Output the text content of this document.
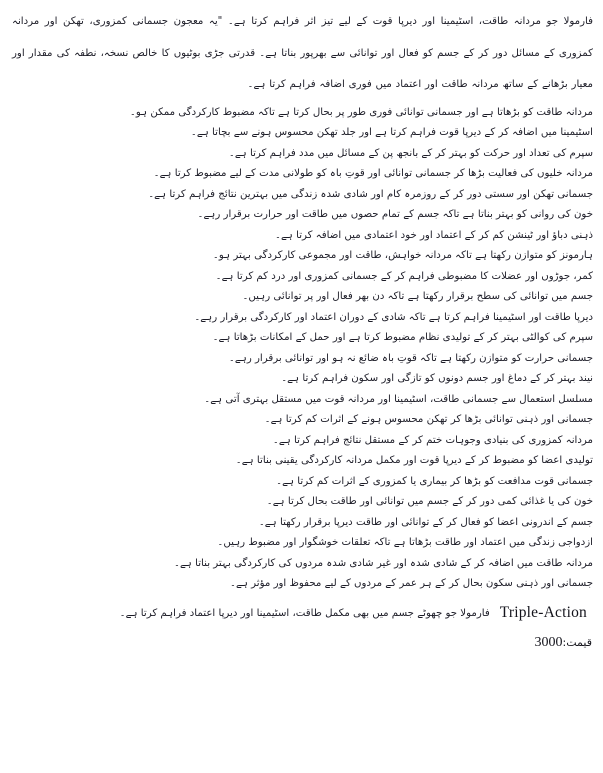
فارمولا جو مردانہ طاقت، اسٹیمینا اور دیرپا قوت کے لیے تیز اثر فراہم کرتا ہے۔ "یہ معجون جسمانی کمزوری، تھکن اور مردانہ کمزوری کے مسائل دور کر کے جسم کو فعال اور توانائی سے بھرپور بناتا ہے۔ قدرتی جڑی بوٹیوں کا خالص نسخہ، نطفہ کی مقدار اور معیار بڑھانے کے ساتھ مردانہ طاقت اور اعتماد میں فوری اضافہ فراہم کرتا ہے۔

مردانہ طاقت کو بڑھاتا ہے اور جسمانی توانائی فوری طور پر بحال کرتا ہے تاکہ مضبوط کارکردگی ممکن ہو۔
اسٹیمینا میں اضافہ کر کے دیرپا قوت فراہم کرتا ہے اور جلد تھکن محسوس ہونے سے بچاتا ہے۔
سپرم کی تعداد اور حرکت کو بہتر کر کے بانجھ پن کے مسائل میں مدد فراہم کرتا ہے۔
مردانہ خلیوں کی فعالیت بڑھا کر جسمانی توانائی اور قوتِ باہ کو طولانی مدت کے لیے مضبوط کرتا ہے۔
جسمانی تھکن اور سستی دور کر کے روزمرہ کام اور شادی شدہ زندگی میں بہترین نتائج فراہم کرتا ہے۔
خون کی روانی کو بہتر بناتا ہے تاکہ جسم کے تمام حصوں میں طاقت اور حرارت برقرار رہے۔
ذہنی دباؤ اور ٹینشن کم کر کے اعتماد اور خود اعتمادی میں اضافہ کرتا ہے۔
ہارمونز کو متوازن رکھتا ہے تاکہ مردانہ خواہش، طاقت اور مجموعی کارکردگی بہتر ہو۔
کمر، جوڑوں اور عضلات کا مضبوطی فراہم کر کے جسمانی کمزوری اور درد کم کرتا ہے۔
جسم میں توانائی کی سطح برقرار رکھتا ہے تاکہ دن بھر فعال اور پر توانائی رہیں۔
دیرپا طاقت اور اسٹیمینا فراہم کرتا ہے تاکہ شادی کے دوران اعتماد اور کارکردگی برقرار رہے۔
سپرم کی کوالٹی بہتر کر کے تولیدی نظام مضبوط کرتا ہے اور حمل کے امکانات بڑھاتا ہے۔
جسمانی حرارت کو متوازن رکھتا ہے تاکہ قوتِ باہ ضائع نہ ہو اور توانائی برقرار رہے۔
نیند بہتر کر کے دماغ اور جسم دونوں کو تازگی اور سکون فراہم کرتا ہے۔
مسلسل استعمال سے جسمانی طاقت، اسٹیمینا اور مردانہ قوت میں مستقل بہتری آتی ہے۔
جسمانی اور ذہنی توانائی بڑھا کر تھکن محسوس ہونے کے اثرات کم کرتا ہے۔
مردانہ کمزوری کی بنیادی وجوہات ختم کر کے مستقل نتائج فراہم کرتا ہے۔
تولیدی اعضا کو مضبوط کر کے دیرپا قوت اور مکمل مردانہ کارکردگی یقینی بناتا ہے۔
جسمانی قوت مدافعت کو بڑھا کر بیماری یا کمزوری کے اثرات کم کرتا ہے۔
خون کی یا غذائی کمی دور کر کے جسم میں توانائی اور طاقت بحال کرتا ہے۔
جسم کے اندرونی اعضا کو فعال کر کے توانائی اور طاقت دیرپا برقرار رکھتا ہے۔
ازدواجی زندگی میں اعتماد اور طاقت بڑھاتا ہے تاکہ تعلقات خوشگوار اور مضبوط رہیں۔
مردانہ طاقت میں اضافہ کر کے شادی شدہ اور غیر شادی شدہ مردوں کی کارکردگی بہتر بناتا ہے۔
جسمانی اور ذہنی سکون بحال کر کے ہر عمر کے مردوں کے لیے محفوظ اور مؤثر ہے۔

Triple-Actionفارمولا جو چھوٹے جسم میں بھی مکمل طاقت، اسٹیمینا اور دیرپا اعتماد فراہم کرتا ہے۔

قیمت:3000
